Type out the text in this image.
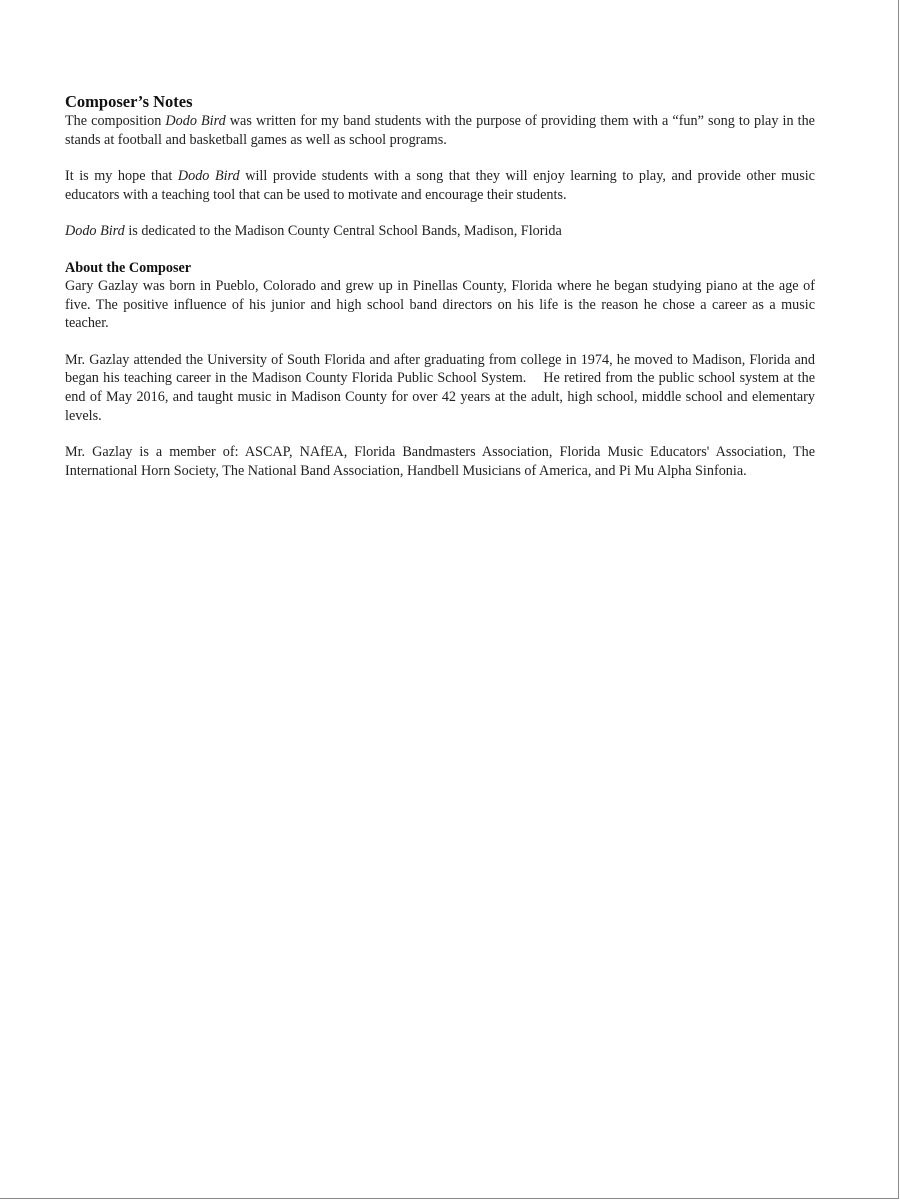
Composer’s Notes

The composition Dodo Bird was written for my band students with the purpose of providing them with a “fun” song to play in the stands at football and basketball games as well as school programs.

It is my hope that Dodo Bird will provide students with a song that they will enjoy learning to play, and provide other music educators with a teaching tool that can be used to motivate and encourage their students.

Dodo Bird is dedicated to the Madison County Central School Bands, Madison, Florida

About the Composer

Gary Gazlay was born in Pueblo, Colorado and grew up in Pinellas County, Florida where he began studying piano at the age of five. The positive influence of his junior and high school band directors on his life is the reason he chose a career as a music teacher.

Mr. Gazlay attended the University of South Florida and after graduating from college in 1974, he moved to Madison, Florida and began his teaching career in the Madison County Florida Public School System.    He retired from the public school system at the end of May 2016, and taught music in Madison County for over 42 years at the adult, high school, middle school and elementary levels.

Mr. Gazlay is a member of: ASCAP, NAfEA, Florida Bandmasters Association, Florida Music Educators' Association, The International Horn Society, The National Band Association, Handbell Musicians of America, and Pi Mu Alpha Sinfonia.
